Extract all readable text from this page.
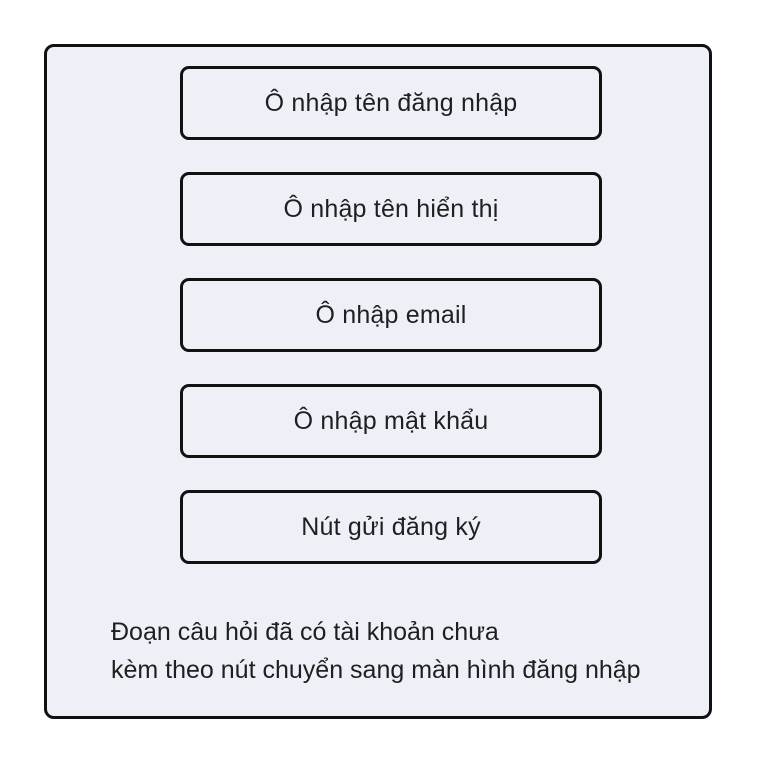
Ô nhập tên đăng nhập
Ô nhập tên hiển thị
Ô nhập email
Ô nhập mật khẩu
Nút gửi đăng ký
Đoạn câu hỏi đã có tài khoản chưa
kèm theo nút chuyển sang màn hình đăng nhập
